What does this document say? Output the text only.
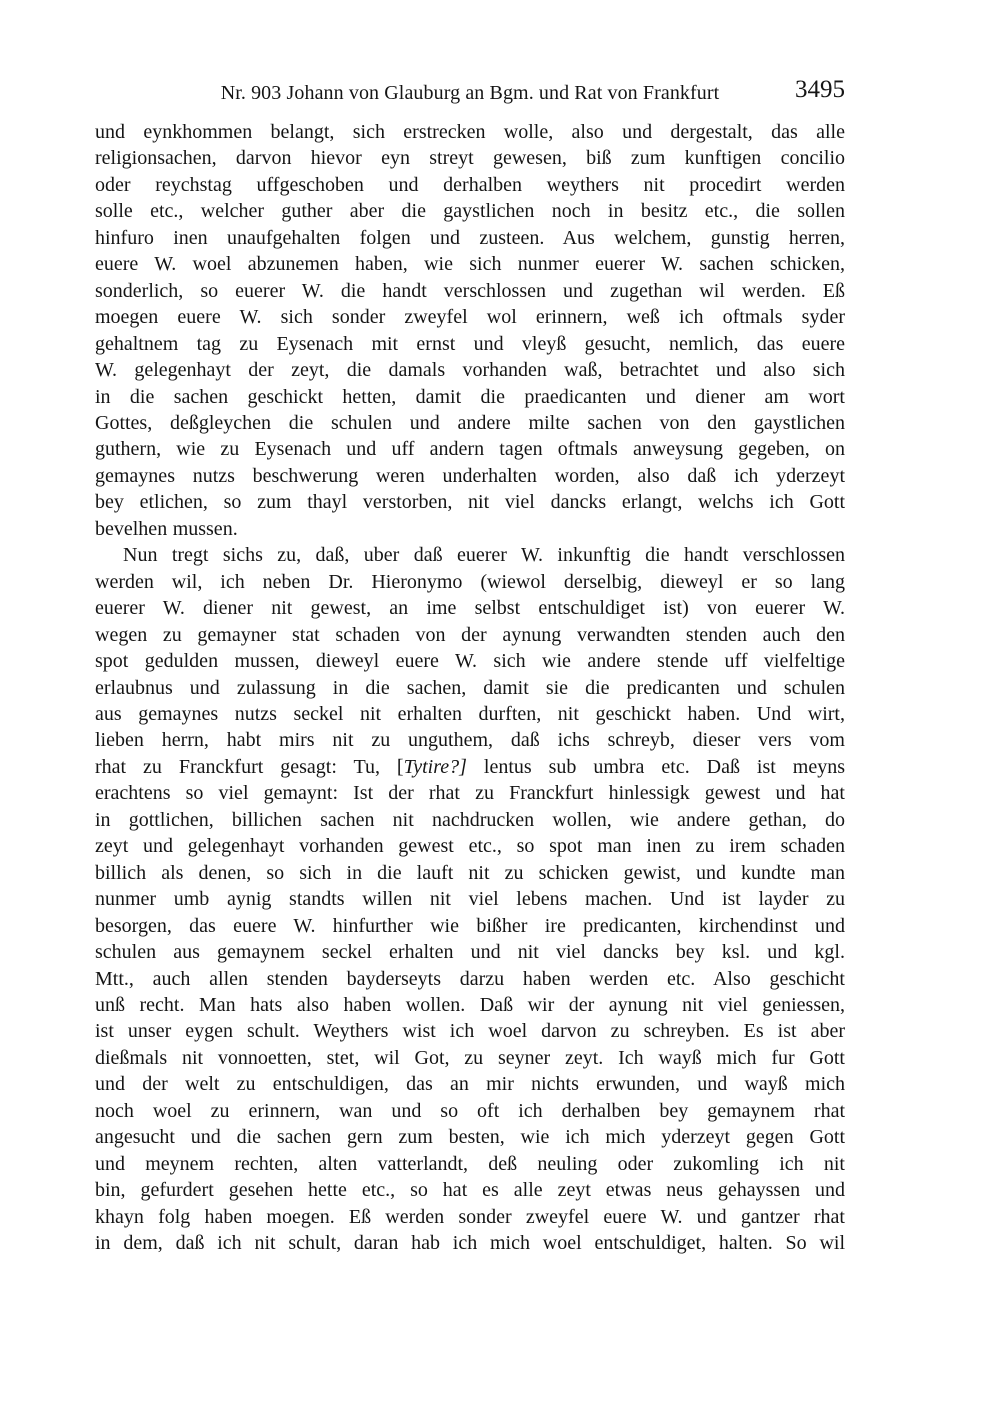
Nr. 903 Johann von Glauburg an Bgm. und Rat von Frankfurt	3495
und eynkhommen belangt, sich erstrecken wolle, also und dergestalt, das alle
religionsachen, darvon hievor eyn streyt gewesen, biß zum kunftigen concilio
oder reychstag uffgeschoben und derhalben weythers nit procedirt werden
solle etc., welcher guther aber die gaystlichen noch in besitz etc., die sollen
hinfuro inen unaufgehalten folgen und zusteen. Aus welchem, gunstig herren,
euere W. woel abzunemen haben, wie sich nunmer euerer W. sachen schicken,
sonderlich, so euerer W. die handt verschlossen und zugethan wil werden. Eß
moegen euere W. sich sonder zweyfel wol erinnern, weß ich oftmals syder
gehaltnem tag zu Eysenach mit ernst und vleyß gesucht, nemlich, das euere
W. gelegenhayt der zeyt, die damals vorhanden waß, betrachtet und also sich
in die sachen geschickt hetten, damit die praedicanten und diener am wort
Gottes, deßgleychen die schulen und andere milte sachen von den gaystlichen
guthern, wie zu Eysenach und uff andern tagen oftmals anweysung gegeben, on
gemaynes nutzs beschwerung weren underhalten worden, also daß ich yderzeyt
bey etlichen, so zum thayl verstorben, nit viel dancks erlangt, welchs ich Gott
bevelhen mussen.
Nun tregt sichs zu, daß, uber daß euerer W. inkunftig die handt verschlossen
werden wil, ich neben Dr. Hieronymo (wiewol derselbig, dieweyl er so lang
euerer W. diener nit gewest, an ime selbst entschuldiget ist) von euerer W.
wegen zu gemayner stat schaden von der aynung verwandten stenden auch den
spot gedulden mussen, dieweyl euere W. sich wie andere stende uff vielfeltige
erlaubnus und zulassung in die sachen, damit sie die predicanten und schulen
aus gemaynes nutzs seckel nit erhalten durften, nit geschickt haben. Und wirt,
lieben herrn, habt mirs nit zu unguthem, daß ichs schreyb, dieser vers vom
rhat zu Franckfurt gesagt: Tu, [Tytire?] lentus sub umbra etc. Daß ist meyns
erachtens so viel gemaynt: Ist der rhat zu Franckfurt hinlessigk gewest und hat
in gottlichen, billichen sachen nit nachdrucken wollen, wie andere gethan, do
zeyt und gelegenhayt vorhanden gewest etc., so spot man inen zu irem schaden
billich als denen, so sich in die lauft nit zu schicken gewist, und kundte man
nunmer umb aynig standts willen nit viel lebens machen. Und ist layder zu
besorgen, das euere W. hinfurther wie bißher ire predicanten, kirchendinst und
schulen aus gemaynem seckel erhalten und nit viel dancks bey ksl. und kgl.
Mtt., auch allen stenden bayderseyts darzu haben werden etc. Also geschicht
unß recht. Man hats also haben wollen. Daß wir der aynung nit viel geniessen,
ist unser eygen schult. Weythers wist ich woel darvon zu schreyben. Es ist aber
dießmals nit vonnoetten, stet, wil Got, zu seyner zeyt. Ich wayß mich fur Gott
und der welt zu entschuldigen, das an mir nichts erwunden, und wayß mich
noch woel zu erinnern, wan und so oft ich derhalben bey gemaynem rhat
angesucht und die sachen gern zum besten, wie ich mich yderzeyt gegen Gott
und meynem rechten, alten vatterlandt, deß neuling oder zukomling ich nit
bin, gefurdert gesehen hette etc., so hat es alle zeyt etwas neus gehayssen und
khayn folg haben moegen. Eß werden sonder zweyfel euere W. und gantzer rhat
in dem, daß ich nit schult, daran hab ich mich woel entschuldiget, halten. So wil
